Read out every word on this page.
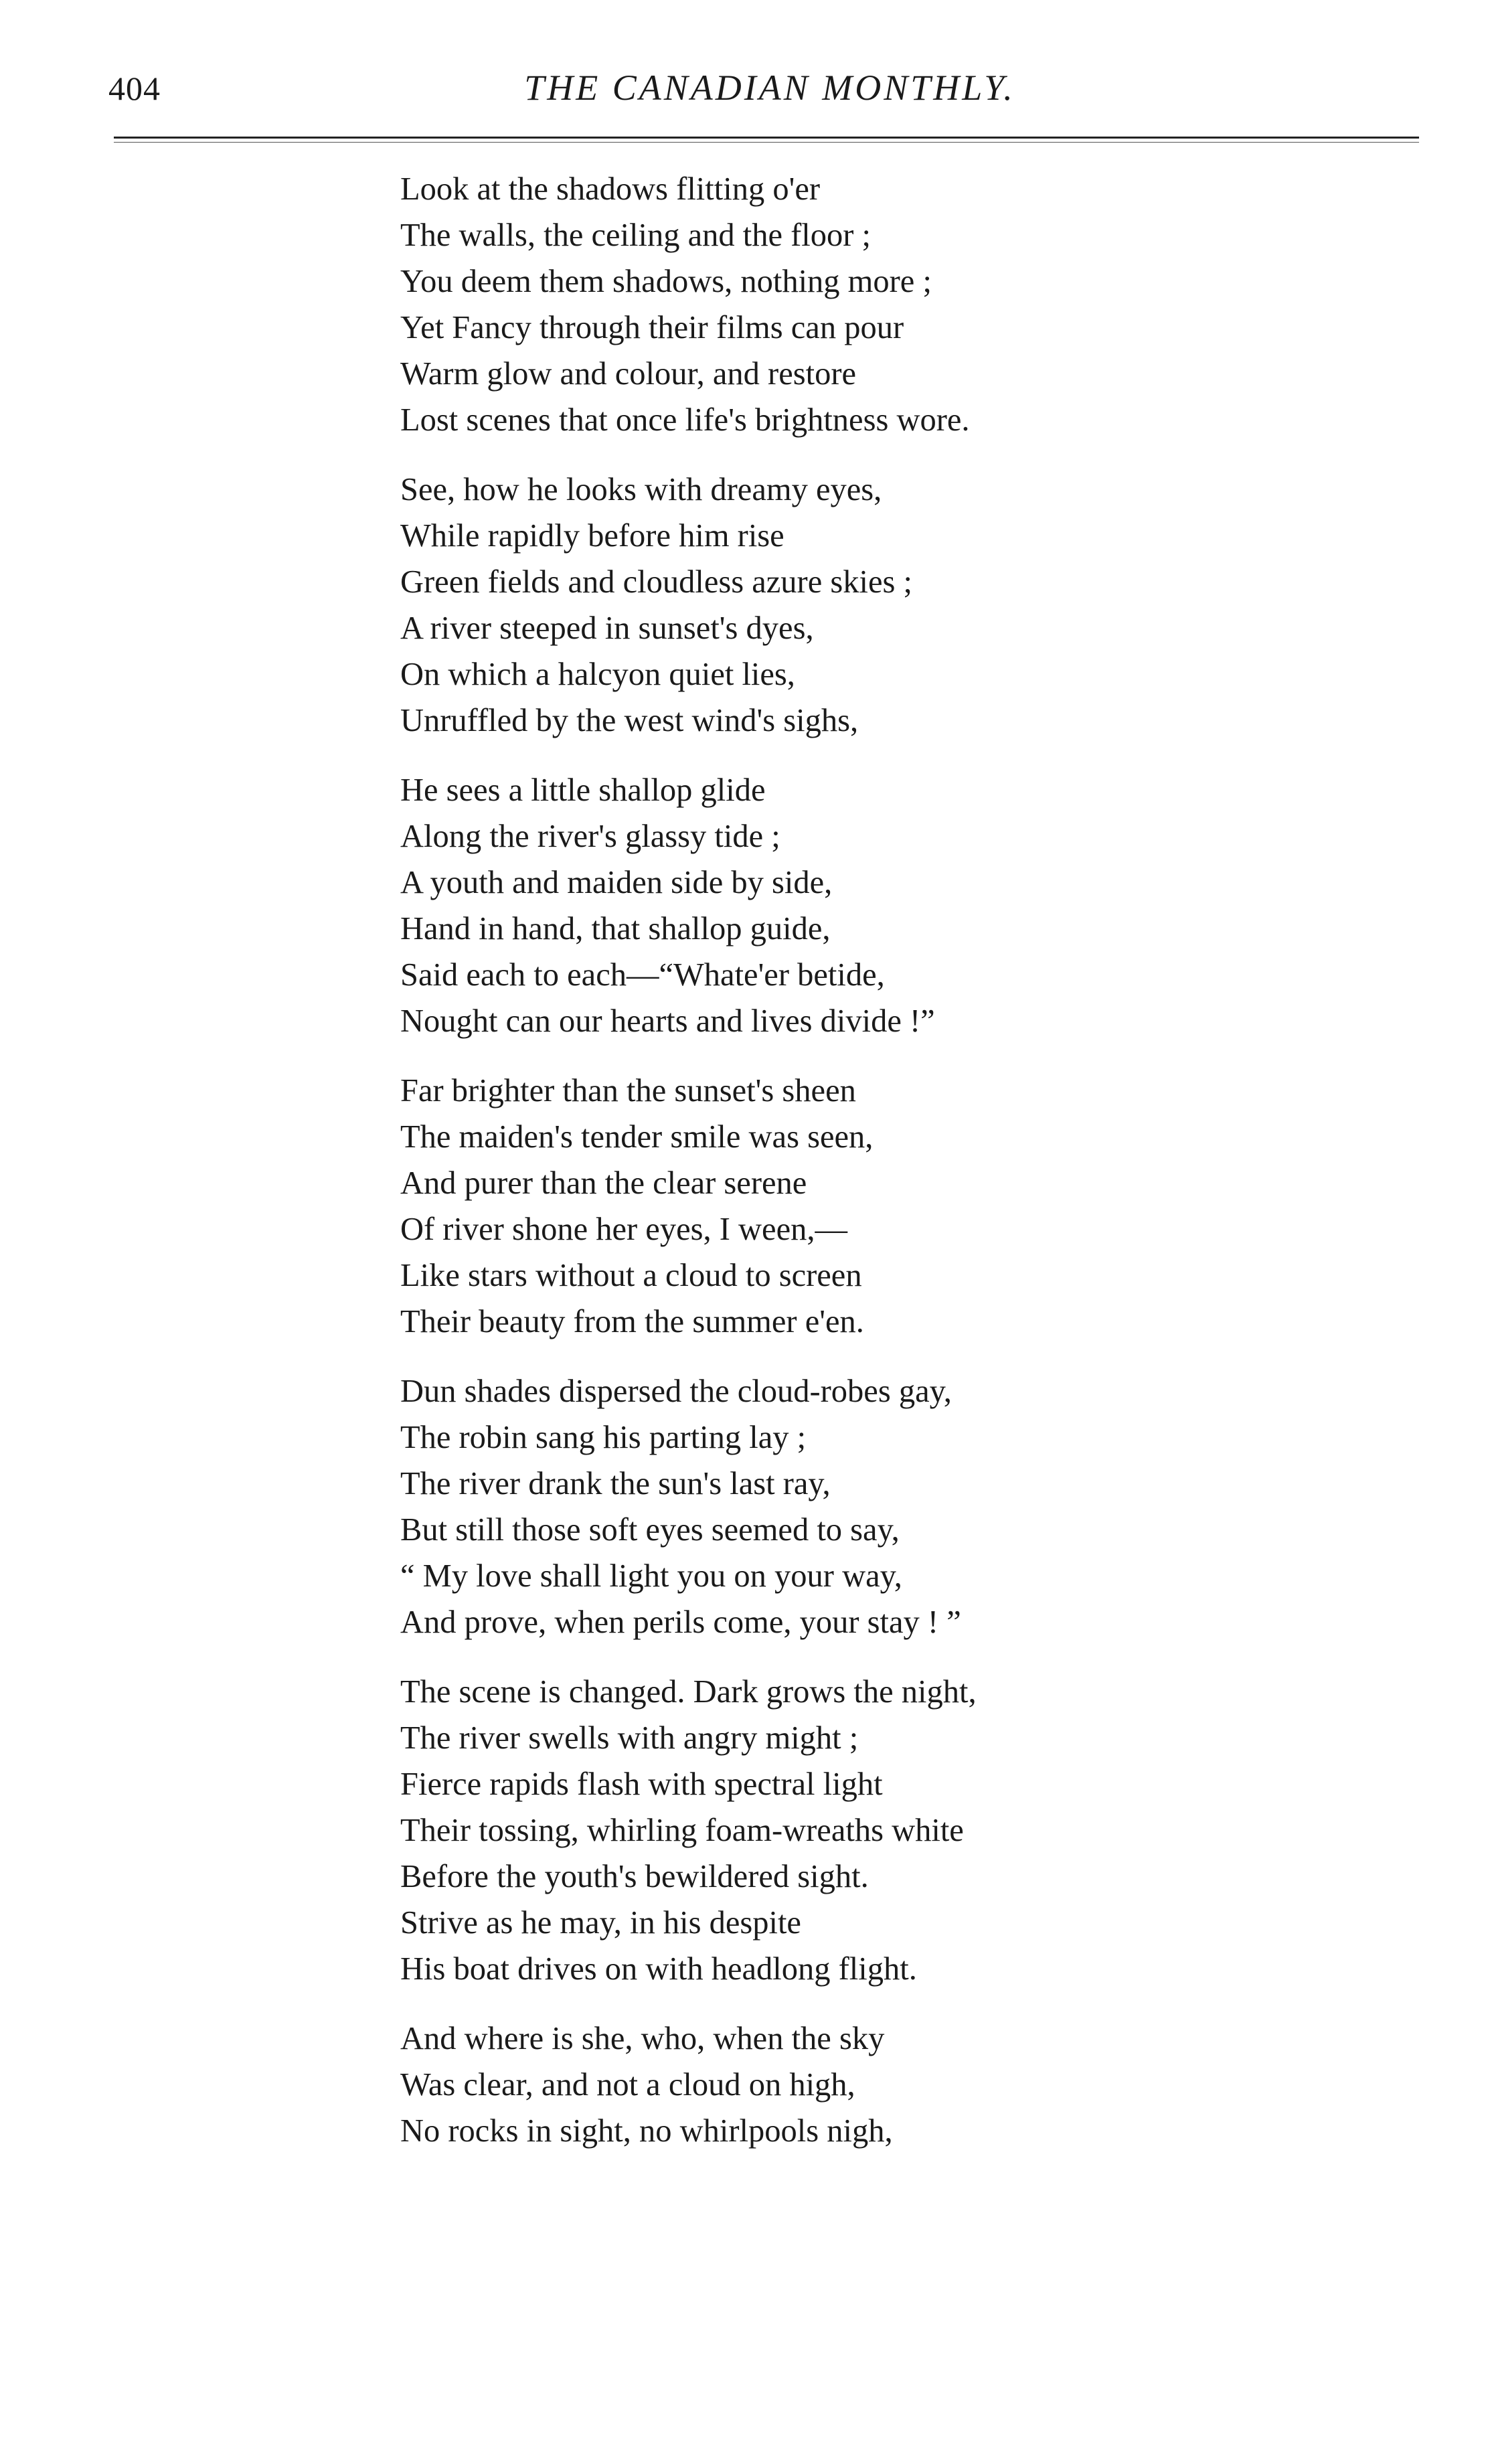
404	THE CANADIAN MONTHLY.
Look at the shadows flitting o'er
The walls, the ceiling and the floor ;
You deem them shadows, nothing more ;
Yet Fancy through their films can pour
Warm glow and colour, and restore
Lost scenes that once life's brightness wore.
See, how he looks with dreamy eyes,
While rapidly before him rise
Green fields and cloudless azure skies ;
A river steeped in sunset's dyes,
On which a halcyon quiet lies,
Unruffled by the west wind's sighs,
He sees a little shallop glide
Along the river's glassy tide ;
A youth and maiden side by side,
Hand in hand, that shallop guide,
Said each to each—“Whate'er betide,
Nought can our hearts and lives divide !”
Far brighter than the sunset's sheen
The maiden's tender smile was seen,
And purer than the clear serene
Of river shone her eyes, I ween,—
Like stars without a cloud to screen
Their beauty from the summer e'en.
Dun shades dispersed the cloud-robes gay,
The robin sang his parting lay ;
The river drank the sun's last ray,
But still those soft eyes seemed to say,
“ My love shall light you on your way,
And prove, when perils come, your stay ! ”
The scene is changed. Dark grows the night,
The river swells with angry might ;
Fierce rapids flash with spectral light
Their tossing, whirling foam-wreaths white
Before the youth's bewildered sight.
Strive as he may, in his despite
His boat drives on with headlong flight.
And where is she, who, when the sky
Was clear, and not a cloud on high,
No rocks in sight, no whirlpools nigh,
